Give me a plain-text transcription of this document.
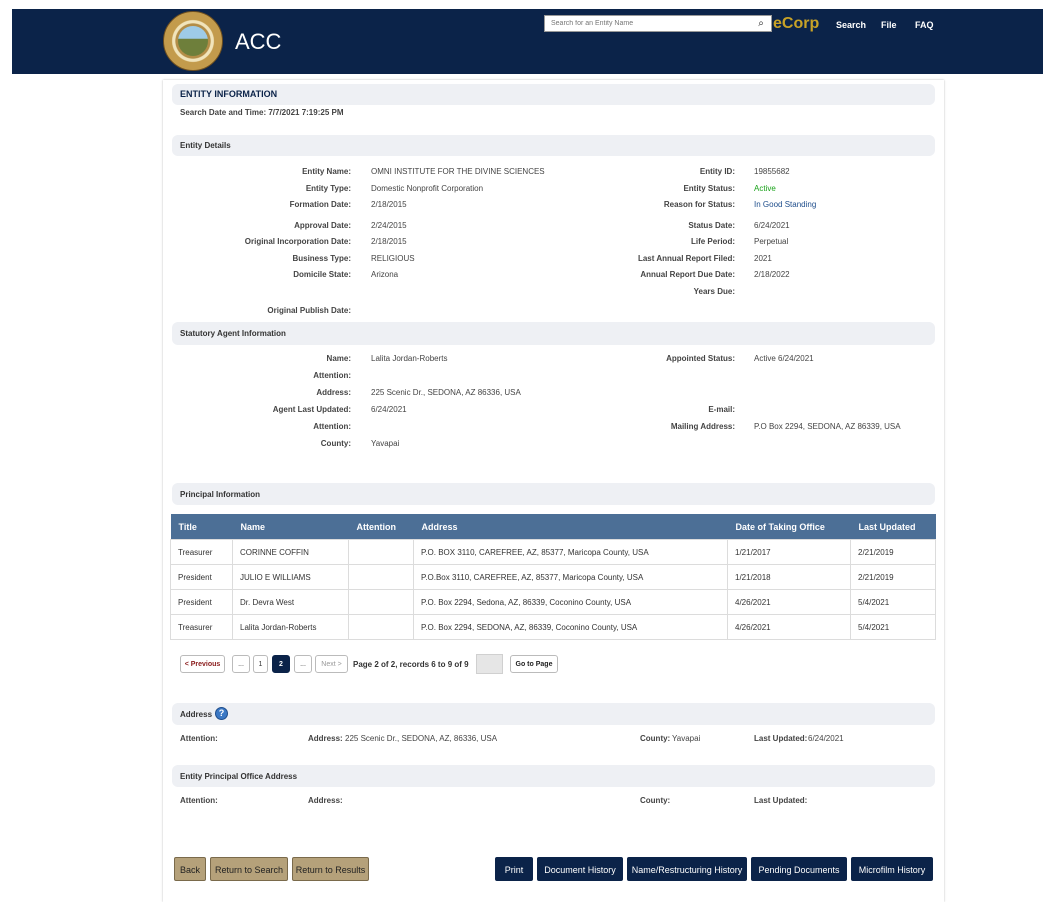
ACC
Search for an Entity Name
⌕ eCorp Search File FAQ
ENTITY INFORMATION
Search Date and Time: 7/7/2021 7:19:25 PM
Entity Details
Entity Name:	OMNI INSTITUTE FOR THE DIVINE SCIENCES
Entity Type:	Domestic Nonprofit Corporation
Formation Date:	2/18/2015
Approval Date:	2/24/2015
Original Incorporation Date:	2/18/2015
Business Type:	RELIGIOUS
Domicile State:	Arizona
Original Publish Date:
Entity ID: 19855682
Entity Status: Active
Reason for Status: In Good Standing
Status Date: 6/24/2021
Life Period: Perpetual
Last Annual Report Filed: 2021
Annual Report Due Date: 2/18/2022
Years Due:
Statutory Agent Information
Name:	Lalita Jordan-Roberts
Attention:
Address:	225 Scenic Dr., SEDONA, AZ 86336, USA
Agent Last Updated:	6/24/2021
Attention:
County:	Yavapai
Appointed Status: Active 6/24/2021
E-mail:
Mailing Address: P.O Box 2294, SEDONA, AZ 86339, USA
Principal Information
Title	Name	Attention	Address	Date of Taking Office	Last Updated
Treasurer	CORINNE COFFIN		P.O. BOX 3110, CAREFREE, AZ, 85377, Maricopa County, USA	1/21/2017	2/21/2019
President	JULIO E WILLIAMS		P.O.Box 3110, CAREFREE, AZ, 85377, Maricopa County, USA	1/21/2018	2/21/2019
President	Dr. Devra West		P.O. Box 2294, Sedona, AZ, 86339, Coconino County, USA	4/26/2021	5/4/2021
Treasurer	Lalita Jordan-Roberts		P.O. Box 2294, SEDONA, AZ, 86339, Coconino County, USA	4/26/2021	5/4/2021
< Previous	...	1	2	...	Next >	Page 2 of 2, records 6 to 9 of 9	Go to Page
Address ?
Attention:	Address: 225 Scenic Dr., SEDONA, AZ, 86336, USA	County: Yavapai	Last Updated: 6/24/2021
Entity Principal Office Address
Attention:	Address:	County:	Last Updated:
Back	Return to Search	Return to Results	Print	Document History	Name/Restructuring History	Pending Documents	Microfilm History
